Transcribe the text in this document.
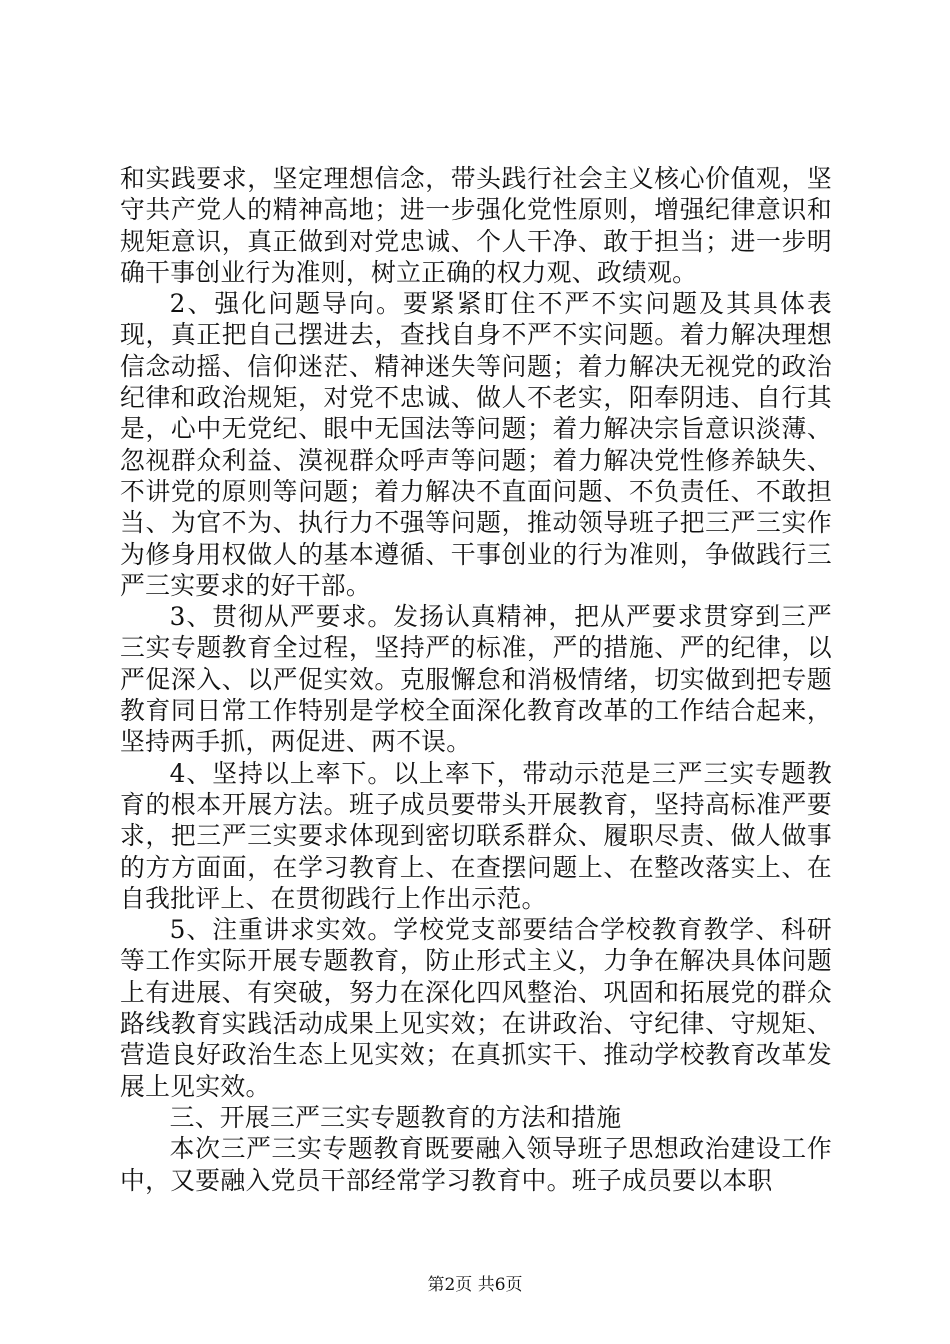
和实践要求，坚定理想信念，带头践行社会主义核心价值观，坚守共产党人的精神高地；进一步强化党性原则，增强纪律意识和规矩意识，真正做到对党忠诚、个人干净、敢于担当；进一步明确干事创业行为准则，树立正确的权力观、政绩观。

2、强化问题导向。要紧紧盯住不严不实问题及其具体表现，真正把自己摆进去，查找自身不严不实问题。着力解决理想信念动摇、信仰迷茫、精神迷失等问题；着力解决无视党的政治纪律和政治规矩，对党不忠诚、做人不老实，阳奉阴违、自行其是，心中无党纪、眼中无国法等问题；着力解决宗旨意识淡薄、忽视群众利益、漠视群众呼声等问题；着力解决党性修养缺失、不讲党的原则等问题；着力解决不直面问题、不负责任、不敢担当、为官不为、执行力不强等问题，推动领导班子把三严三实作为修身用权做人的基本遵循、干事创业的行为准则，争做践行三严三实要求的好干部。

3、贯彻从严要求。发扬认真精神，把从严要求贯穿到三严三实专题教育全过程，坚持严的标准，严的措施、严的纪律，以严促深入、以严促实效。克服懈怠和消极情绪，切实做到把专题教育同日常工作特别是学校全面深化教育改革的工作结合起来，坚持两手抓，两促进、两不误。

4、坚持以上率下。以上率下，带动示范是三严三实专题教育的根本开展方法。班子成员要带头开展教育，坚持高标准严要求，把三严三实要求体现到密切联系群众、履职尽责、做人做事的方方面面，在学习教育上、在查摆问题上、在整改落实上、在自我批评上、在贯彻践行上作出示范。

5、注重讲求实效。学校党支部要结合学校教育教学、科研等工作实际开展专题教育，防止形式主义，力争在解决具体问题上有进展、有突破，努力在深化四风整治、巩固和拓展党的群众路线教育实践活动成果上见实效；在讲政治、守纪律、守规矩、营造良好政治生态上见实效；在真抓实干、推动学校教育改革发展上见实效。

三、开展三严三实专题教育的方法和措施

本次三严三实专题教育既要融入领导班子思想政治建设工作中，又要融入党员干部经常学习教育中。班子成员要以本职

第2页 共6页
